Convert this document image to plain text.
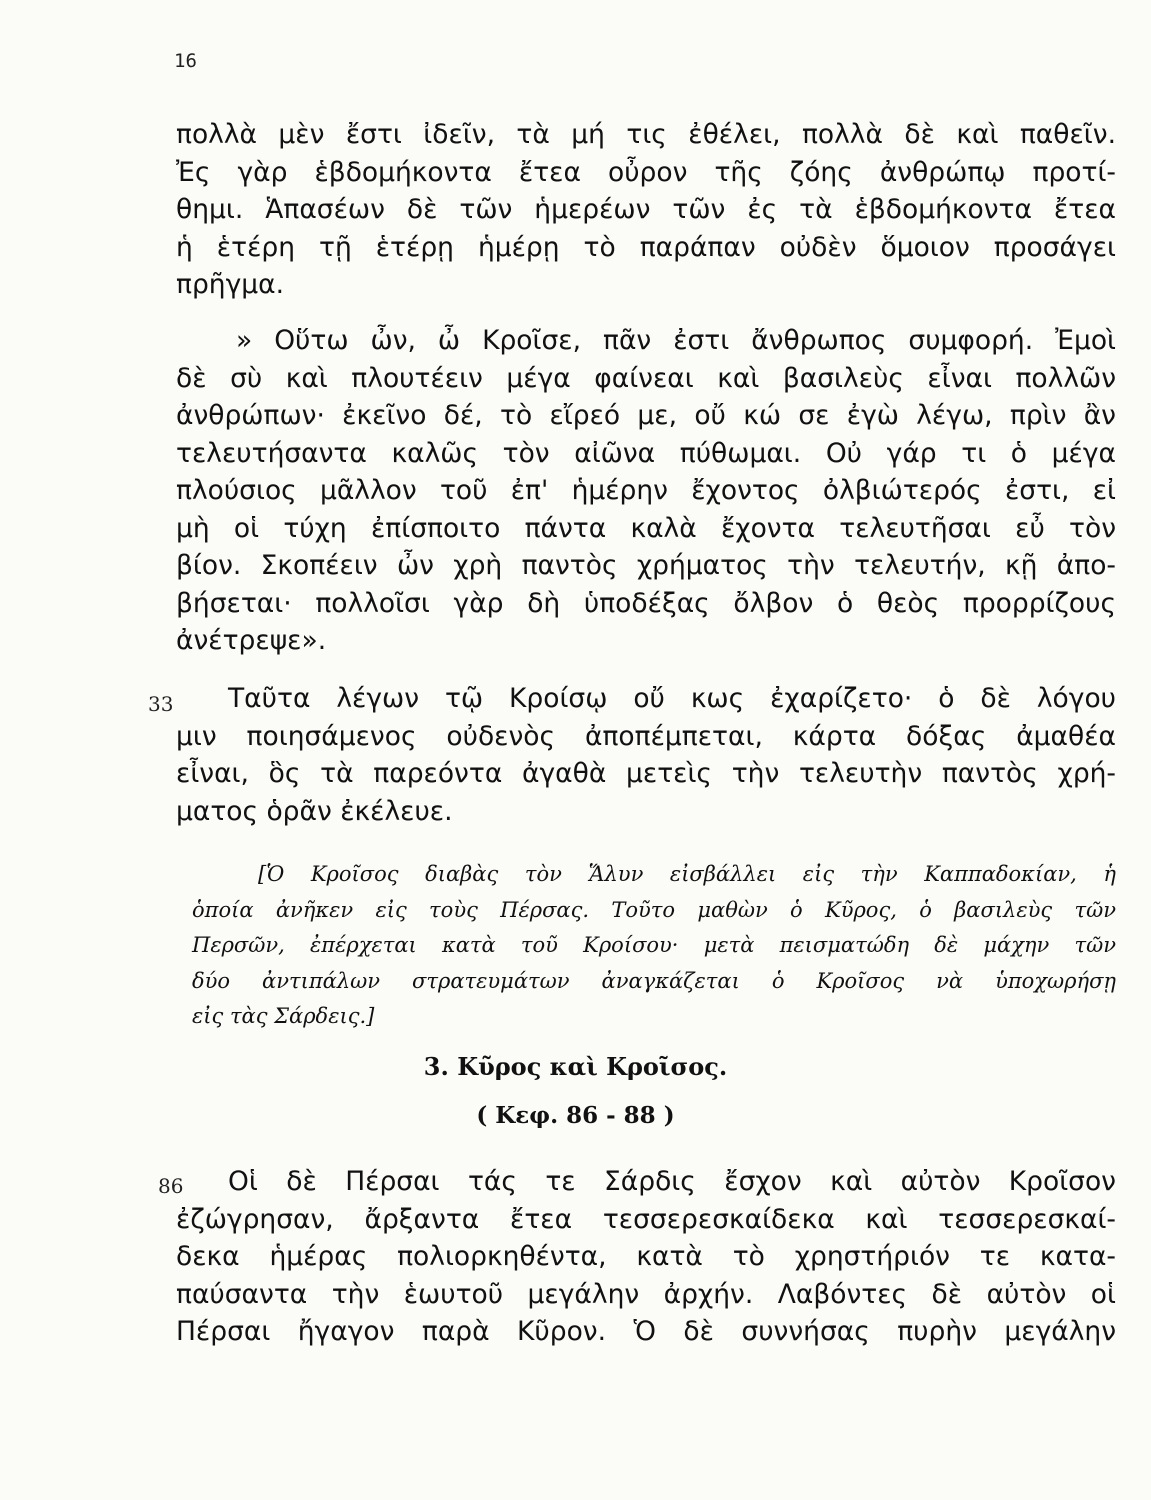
16
πολλὰ μὲν ἔστι ἰδεῖν, τὰ μή τις ἐθέλει, πολλὰ δὲ καὶ παθεῖν.
Ἐς γὰρ ἑβδομήκοντα ἔτεα οὖρον τῆς ζόης ἀνθρώπῳ προτί-
θημι. Ἁπασέων δὲ τῶν ἡμερέων τῶν ἐς τὰ ἑβδομήκοντα ἔτεα
ἡ ἑτέρη τῇ ἑτέρῃ ἡμέρῃ τὸ παράπαν οὐδὲν ὅμοιον προσάγει
πρῆγμα.
» Οὕτω ὦν, ὦ Κροῖσε, πᾶν ἐστι ἄνθρωπος συμφορή. Ἐμοὶ
δὲ σὺ καὶ πλουτέειν μέγα φαίνεαι καὶ βασιλεὺς εἶναι πολλῶν
ἀνθρώπων· ἐκεῖνο δέ, τὸ εἴρεό με, οὔ κώ σε ἐγὼ λέγω, πρὶν ἂν
τελευτήσαντα καλῶς τὸν αἰῶνα πύθωμαι. Οὐ γάρ τι ὁ μέγα
πλούσιος μᾶλλον τοῦ ἐπ' ἡμέρην ἔχοντος ὀλβιώτερός ἐστι, εἰ
μὴ οἱ τύχη ἐπίσποιτο πάντα καλὰ ἔχοντα τελευτῆσαι εὖ τὸν
βίον. Σκοπέειν ὦν χρὴ παντὸς χρήματος τὴν τελευτήν, κῇ ἀπο-
βήσεται· πολλοῖσι γὰρ δὴ ὑποδέξας ὄλβον ὁ θεὸς προρρίζους
ἀνέτρεψε».
33	Ταῦτα λέγων τῷ Κροίσῳ οὔ κως ἐχαρίζετο· ὁ δὲ λόγου
μιν ποιησάμενος οὐδενὸς ἀποπέμπεται, κάρτα δόξας ἀμαθέα
εἶναι, ὃς τὰ παρεόντα ἀγαθὰ μετεὶς τὴν τελευτὴν παντὸς χρή-
ματος ὁρᾶν ἐκέλευε.
[Ὁ Κροῖσος διαβὰς τὸν Ἅλυν εἰσβάλλει εἰς τὴν Καππαδοκίαν, ἡ
ὁποία ἀνῆκεν εἰς τοὺς Πέρσας. Τοῦτο μαθὼν ὁ Κῦρος, ὁ βασιλεὺς τῶν
Περσῶν, ἐπέρχεται κατὰ τοῦ Κροίσου· μετὰ πεισματώδη δὲ μάχην τῶν
δύο ἀντιπάλων στρατευμάτων ἀναγκάζεται ὁ Κροῖσος νὰ ὑποχωρήσῃ
εἰς τὰς Σάρδεις.]
3. Κῦρος καὶ Κροῖσος.
( Κεφ. 86 - 88 )
86	Οἱ δὲ Πέρσαι τάς τε Σάρδις ἔσχον καὶ αὐτὸν Κροῖσον
ἐζώγρησαν, ἄρξαντα ἔτεα τεσσερεσκαίδεκα καὶ τεσσερεσκαί-
δεκα ἡμέρας πολιορκηθέντα, κατὰ τὸ χρηστήριόν τε κατα-
παύσαντα τὴν ἑωυτοῦ μεγάλην ἀρχήν. Λαβόντες δὲ αὐτὸν οἱ
Πέρσαι ἤγαγον παρὰ Κῦρον. Ὁ δὲ συννήσας πυρὴν μεγάλην
